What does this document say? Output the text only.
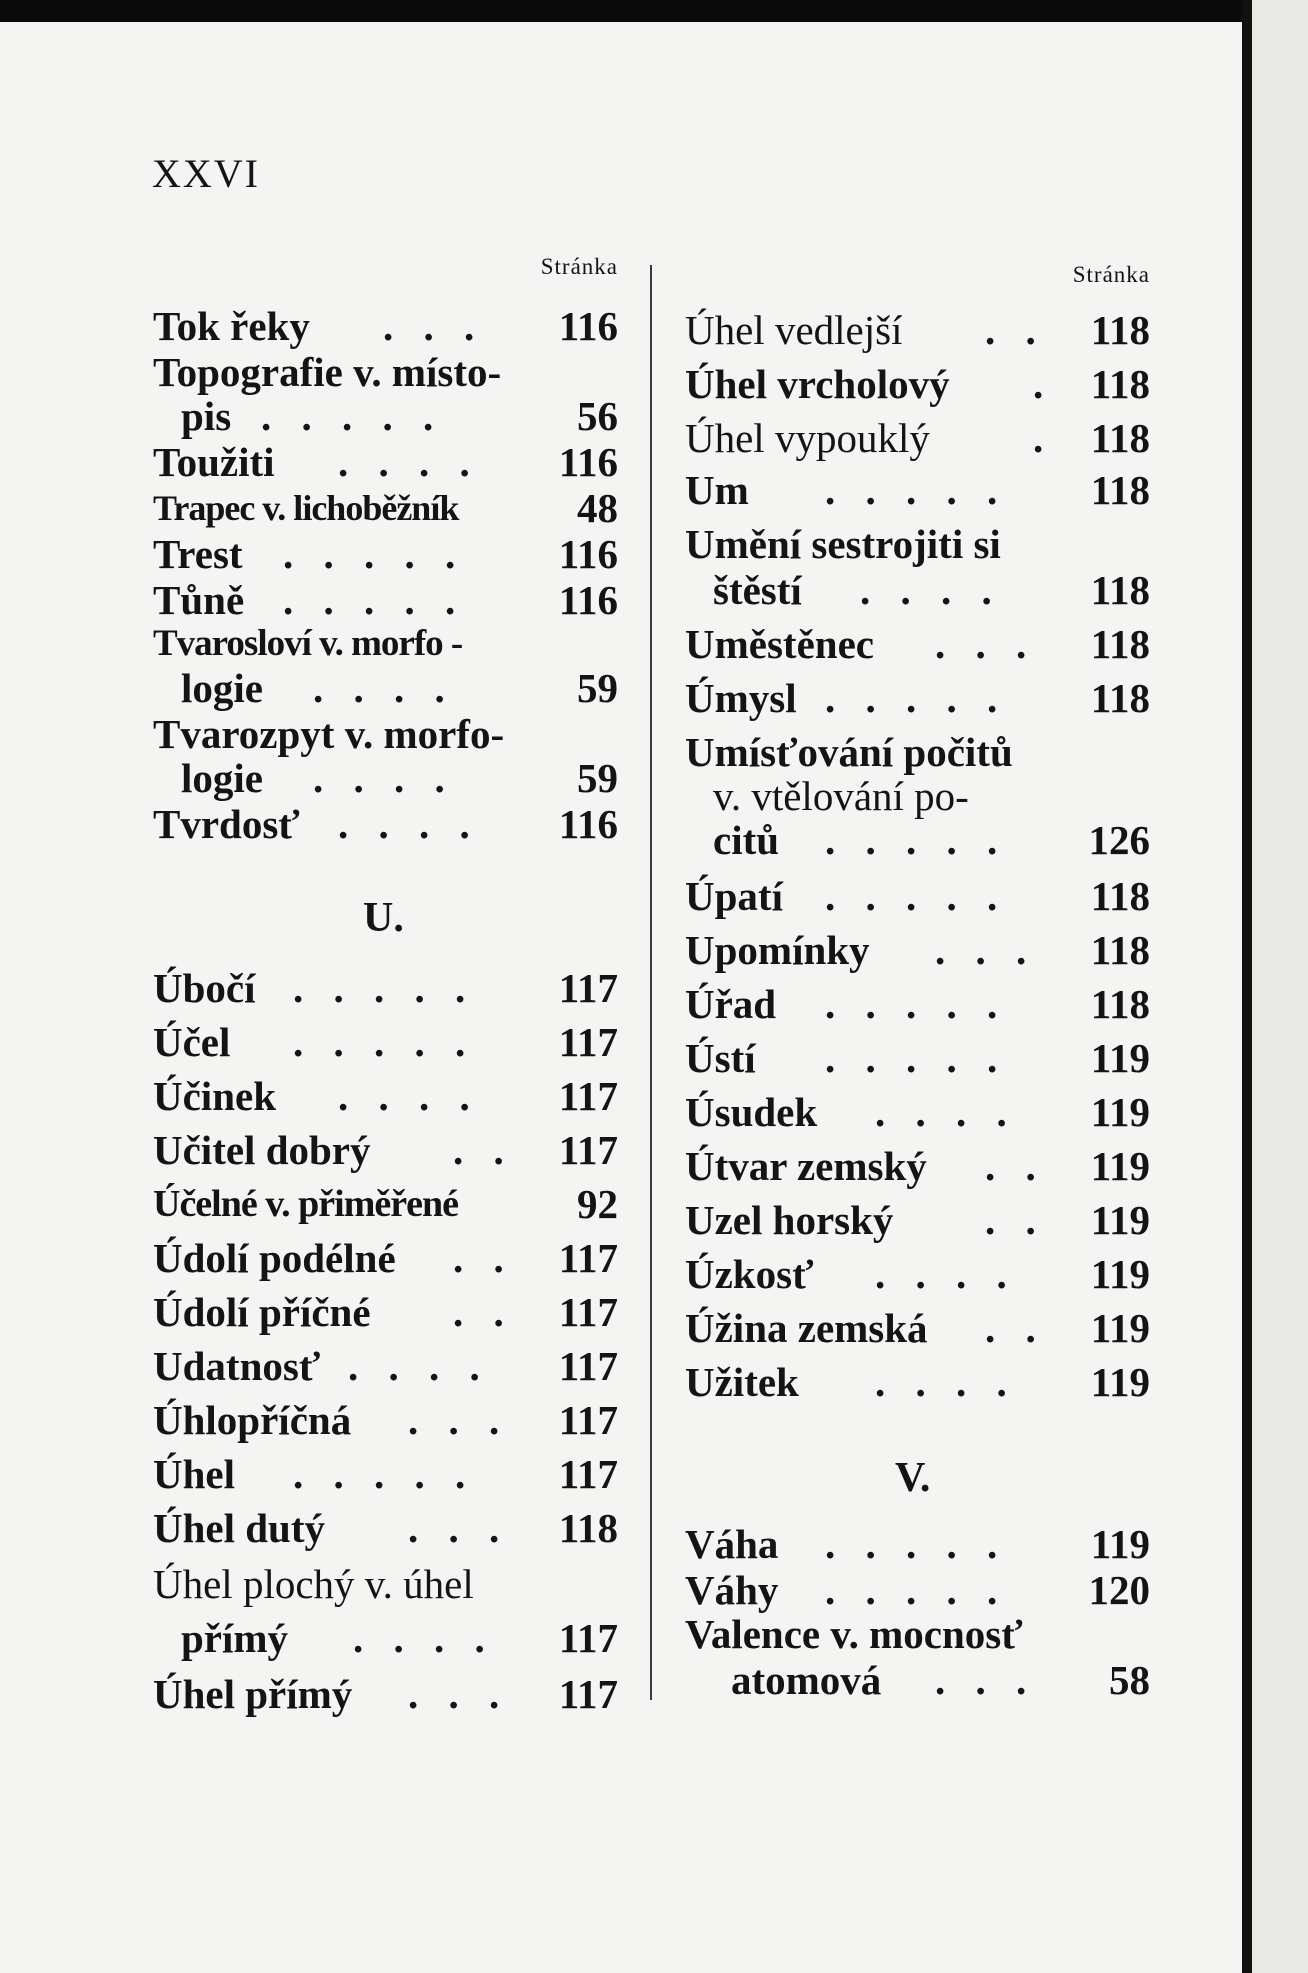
XXVI
Stránka
Tok řeky . . . 116
Topografie v. místo-
pis . . . . .	56
Toužiti . . . . 116
Trapec v. lichoběžník	48
Trest . . . . . 116
Tůně . . . . . 116
Tvarosloví v. morfo -
logie . . . .	59
Tvarozpyt v. morfo-
logie . . . .	59
Tvrdosť . . . . 116
U.
Úbočí . . . . . 117
Účel . . . . . 117
Účinek . . . . 117
Učitel dobrý . . 117
Účelné v. přiměřené	92
Údolí podélné . . 117
Údolí příčné . . 117
Udatnosť . . . . 117
Úhlopříčná . . . 117
Úhel . . . . . 117
Úhel dutý . . . 118
Úhel plochý v. úhel
přímý . . . . 117
Úhel přímý . . . 117
Stránka
Úhel vedlejší . . 118
Úhel vrcholový . 118
Úhel vypouklý	. 118
Um . . . . . 118
Umění sestrojiti si
štěstí . . . . 118
Uměstěnec . . . 118
Úmysl . . . . . 118
Umísťování počitů
v. vtělování po-
citů . . . . . 126
Úpatí . . . . . 118
Upomínky . . . 118
Úřad . . . . . 118
Ústí . . . . . 119
Úsudek . . . . 119
Útvar zemský . . 119
Uzel horský . . 119
Úzkosť . . . . 119
Úžina zemská . . 119
Užitek . . . . 119
V.
Váha . . . . . 119
Váhy . . . . . 120
Valence v. mocnosť
atomová . . . 58
